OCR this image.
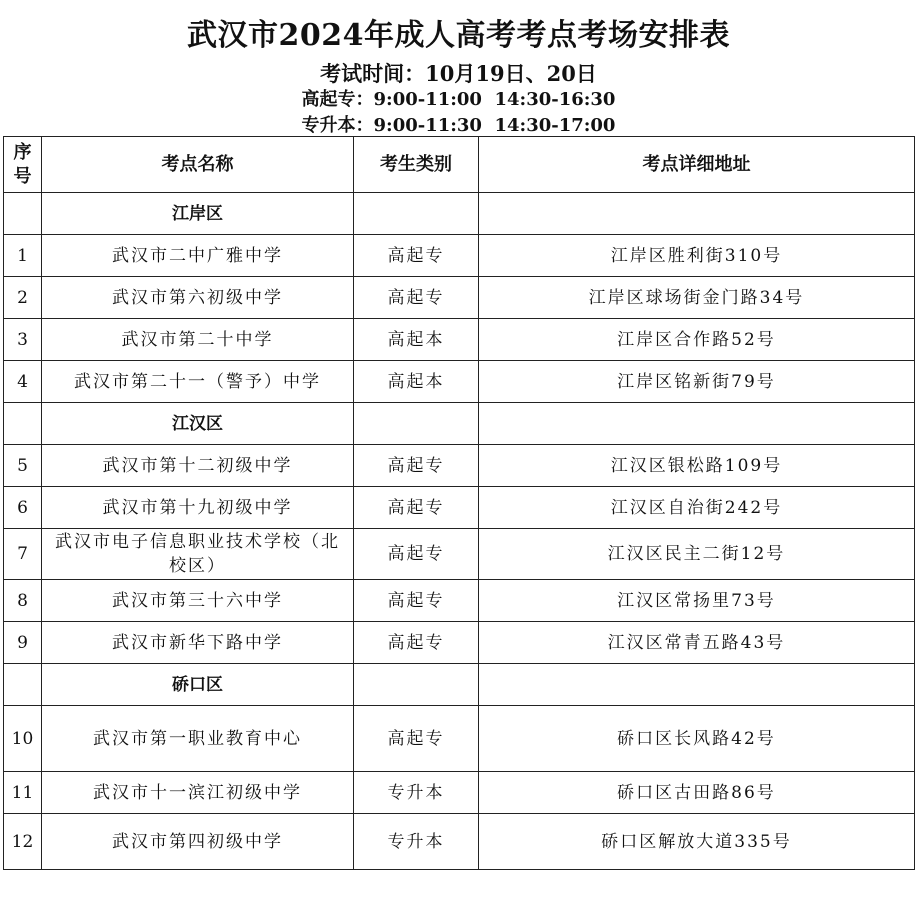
武汉市2024年成人高考考点考场安排表
考试时间：10月19日、20日
高起专：9:00-11:00  14:30-16:30
专升本：9:00-11:30  14:30-17:00
序号	考点名称	考生类别	考点详细地址
	江岸区		
1	武汉市二中广雅中学	高起专	江岸区胜利街310号
2	武汉市第六初级中学	高起专	江岸区球场街金门路34号
3	武汉市第二十中学	高起本	江岸区合作路52号
4	武汉市第二十一（警予）中学	高起本	江岸区铭新街79号
	江汉区		
5	武汉市第十二初级中学	高起专	江汉区银松路109号
6	武汉市第十九初级中学	高起专	江汉区自治街242号
7	武汉市电子信息职业技术学校（北校区）	高起专	江汉区民主二街12号
8	武汉市第三十六中学	高起专	江汉区常扬里73号
9	武汉市新华下路中学	高起专	江汉区常青五路43号
	硚口区		
10	武汉市第一职业教育中心	高起专	硚口区长风路42号
11	武汉市十一滨江初级中学	专升本	硚口区古田路86号
12	武汉市第四初级中学	专升本	硚口区解放大道335号
